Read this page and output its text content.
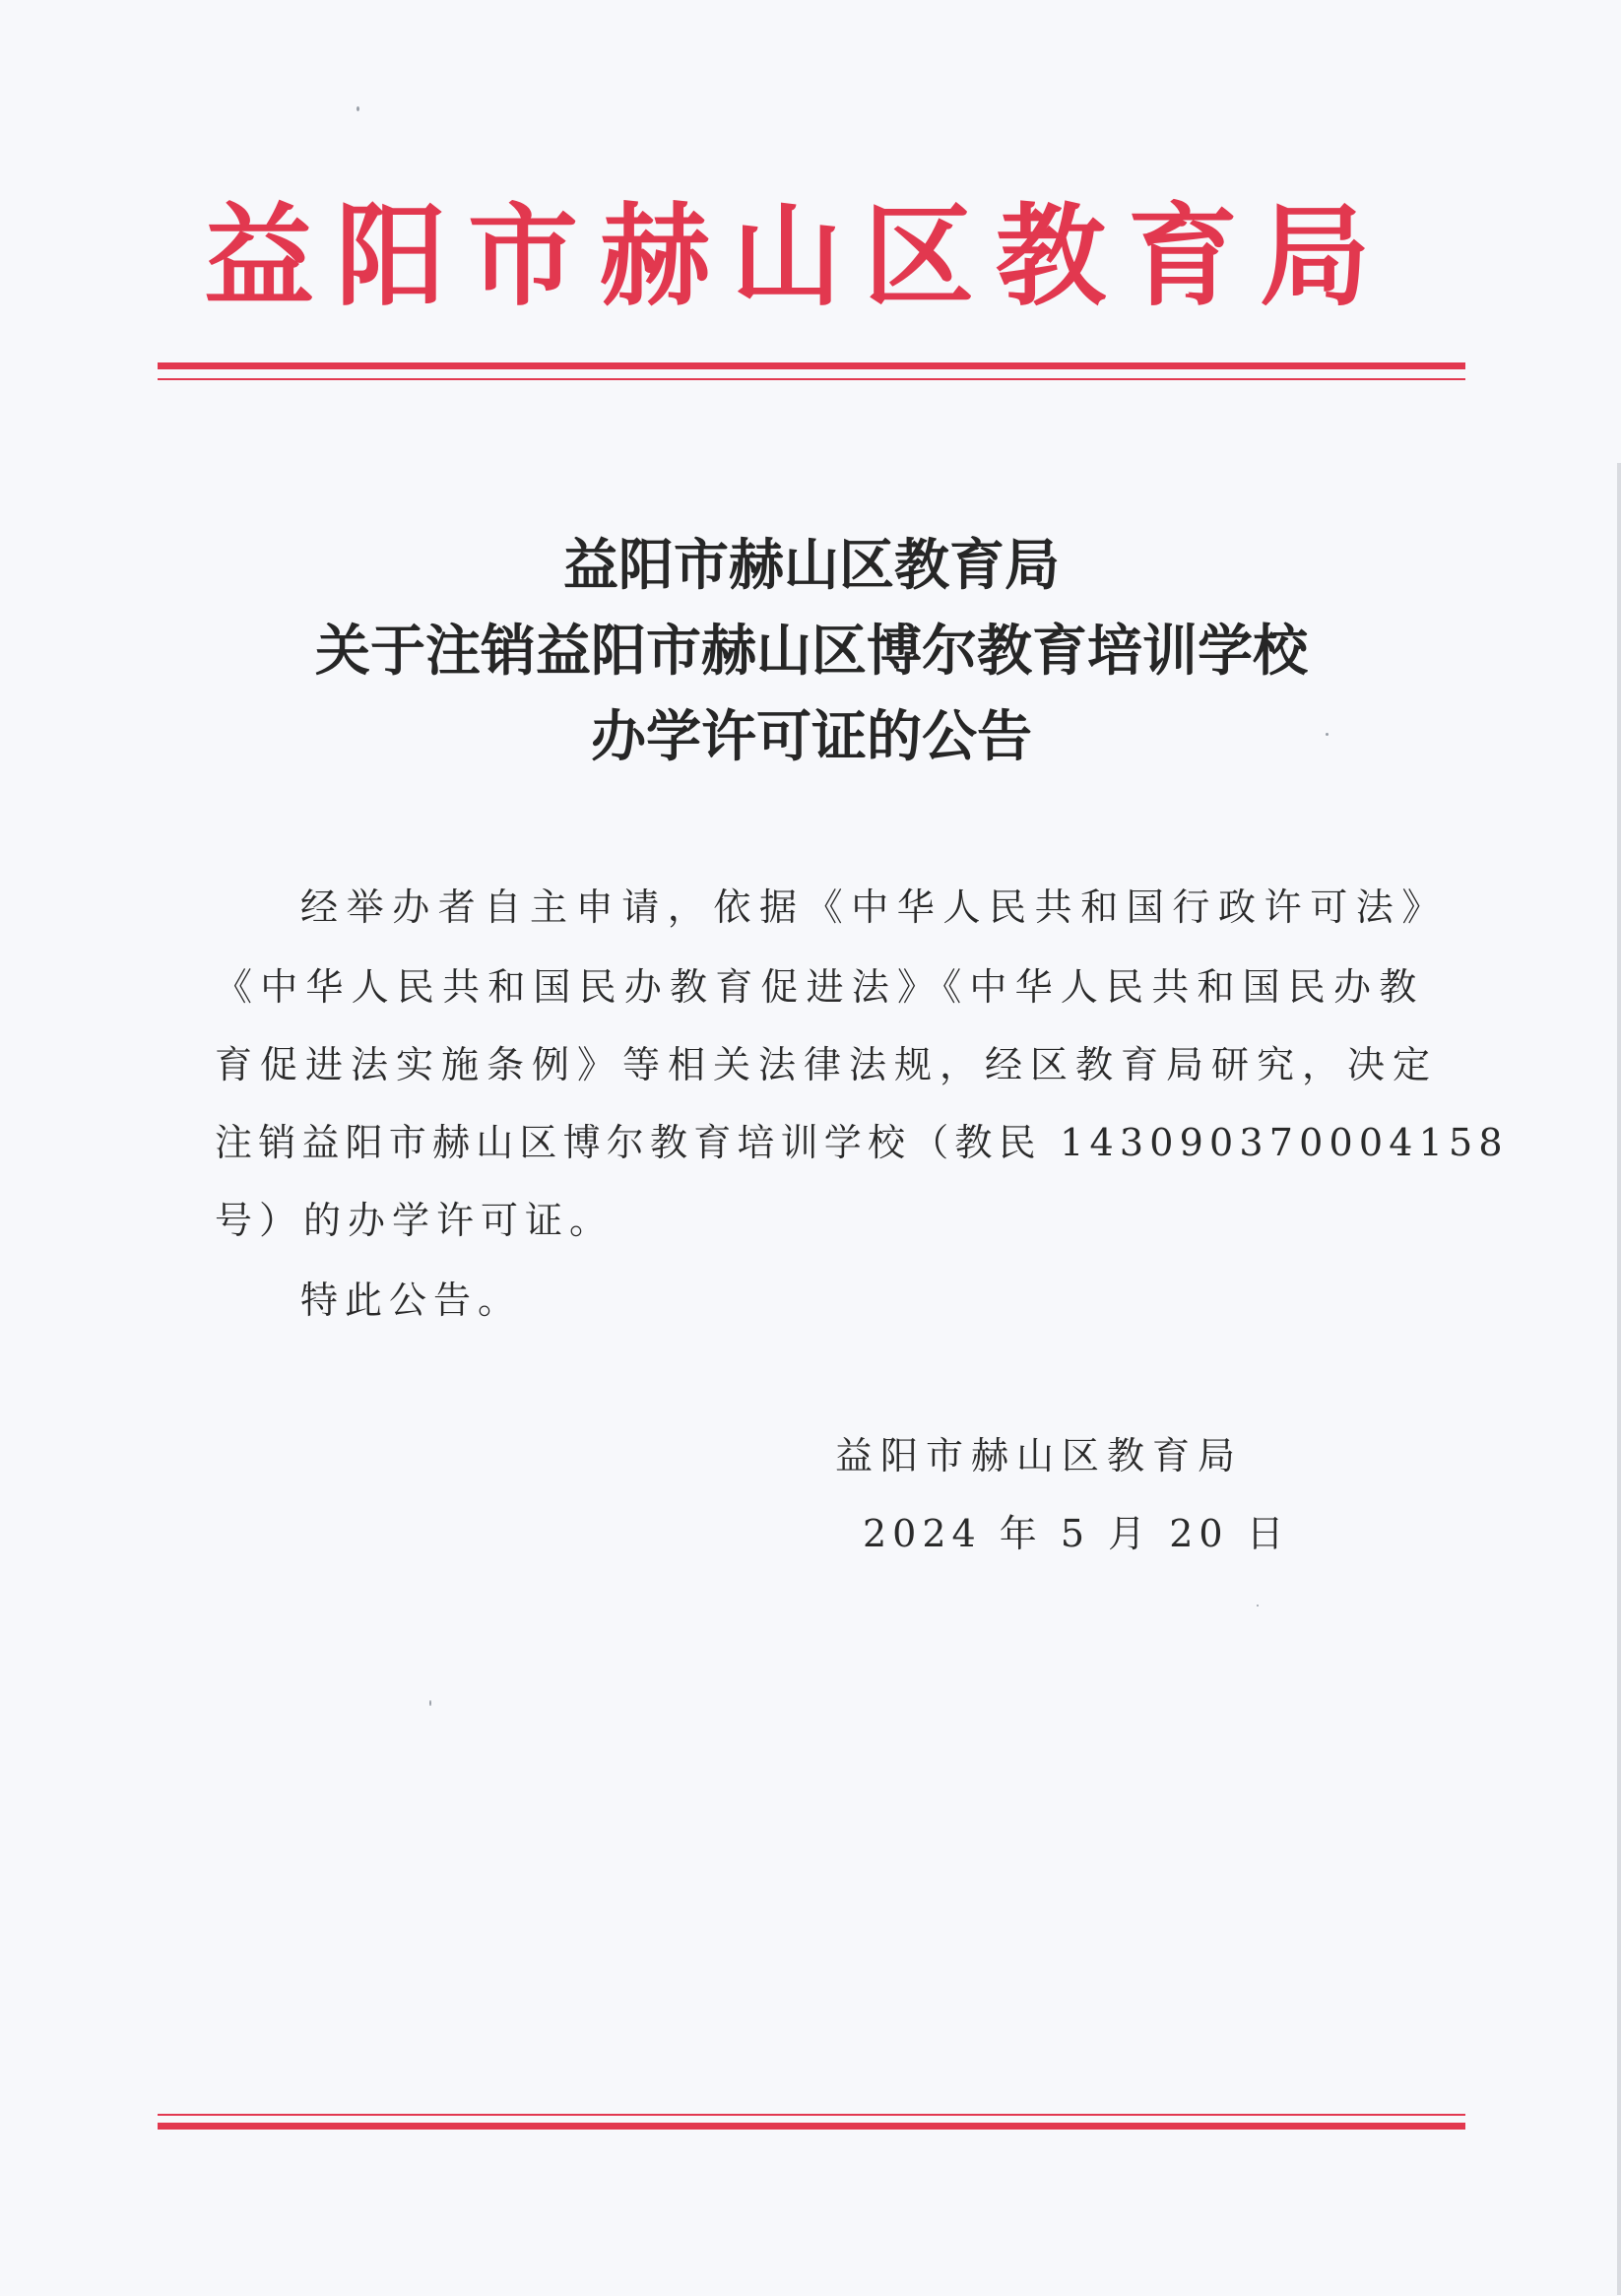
益阳市赫山区教育局
益阳市赫山区教育局
关于注销益阳市赫山区博尔教育培训学校
办学许可证的公告
经举办者自主申请，依据《中华人民共和国行政许可法》
《中华人民共和国民办教育促进法》《中华人民共和国民办教
育促进法实施条例》等相关法律法规，经区教育局研究，决定
注销益阳市赫山区博尔教育培训学校（教民 143090370004158
号）的办学许可证。
特此公告。
益阳市赫山区教育局
2024 年 5 月 20 日
